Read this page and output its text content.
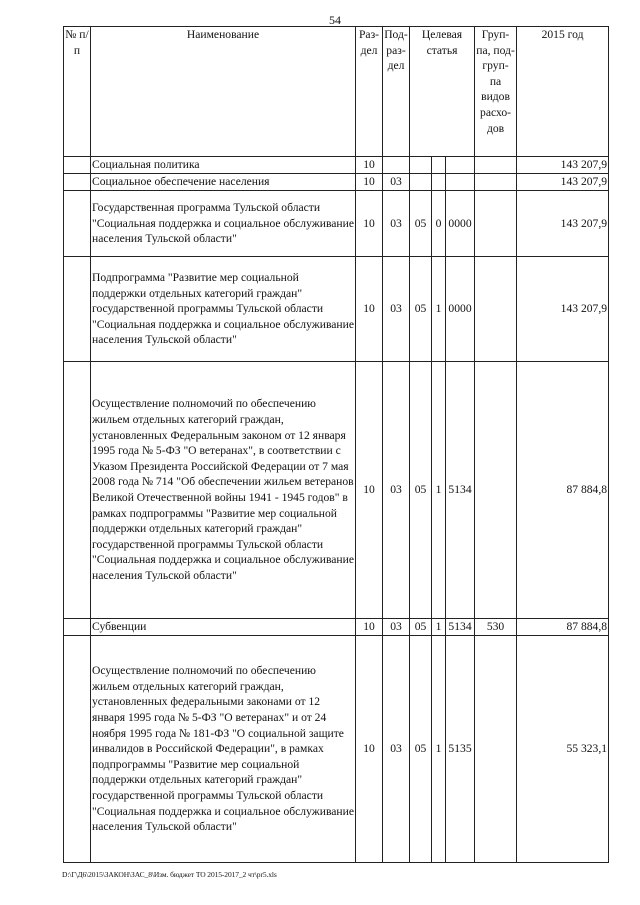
54
№ п/п	Наименование	Раз- дел	Под- раз- дел	Целевая статья			Груп- па, под- груп- па видов расхо- дов	2015 год
	Социальная политика	10						143 207,9
	Социальное обеспечение населения	10	03					143 207,9
	Государственная программа Тульской области "Социальная поддержка и социальное обслуживание населения Тульской области"	10	03	05	0	0000		143 207,9
	Подпрограмма "Развитие мер социальной поддержки отдельных категорий граждан" государственной программы Тульской области "Социальная поддержка и социальное обслуживание населения Тульской области"	10	03	05	1	0000		143 207,9
	Осуществление полномочий по обеспечению жильем отдельных категорий граждан, установленных Федеральным законом от 12 января 1995 года № 5-ФЗ "О ветеранах", в соответствии с Указом Президента Российской Федерации от 7 мая 2008 года № 714 "Об обеспечении жильем ветеранов Великой Отечественной войны 1941 - 1945 годов" в рамках подпрограммы "Развитие мер социальной поддержки отдельных категорий граждан" государственной программы Тульской области "Социальная поддержка и социальное обслуживание населения Тульской области"	10	03	05	1	5134		87 884,8
	Субвенции	10	03	05	1	5134	530	87 884,8
	Осуществление полномочий по обеспечению жильем отдельных категорий граждан, установленных федеральными законами от 12 января 1995 года № 5-ФЗ "О ветеранах" и от 24 ноября 1995 года № 181-ФЗ "О социальной защите инвалидов в Российской Федерации", в рамках подпрограммы "Развитие мер социальной поддержки отдельных категорий граждан" государственной программы Тульской области "Социальная поддержка и социальное обслуживание населения Тульской области"	10	03	05	1	5135		55 323,1
D:\Г\Д6\2015\ЗАКОН\ЗАС_8\Изм. бюджет ТО 2015-2017_2 чт\pr5.xls
